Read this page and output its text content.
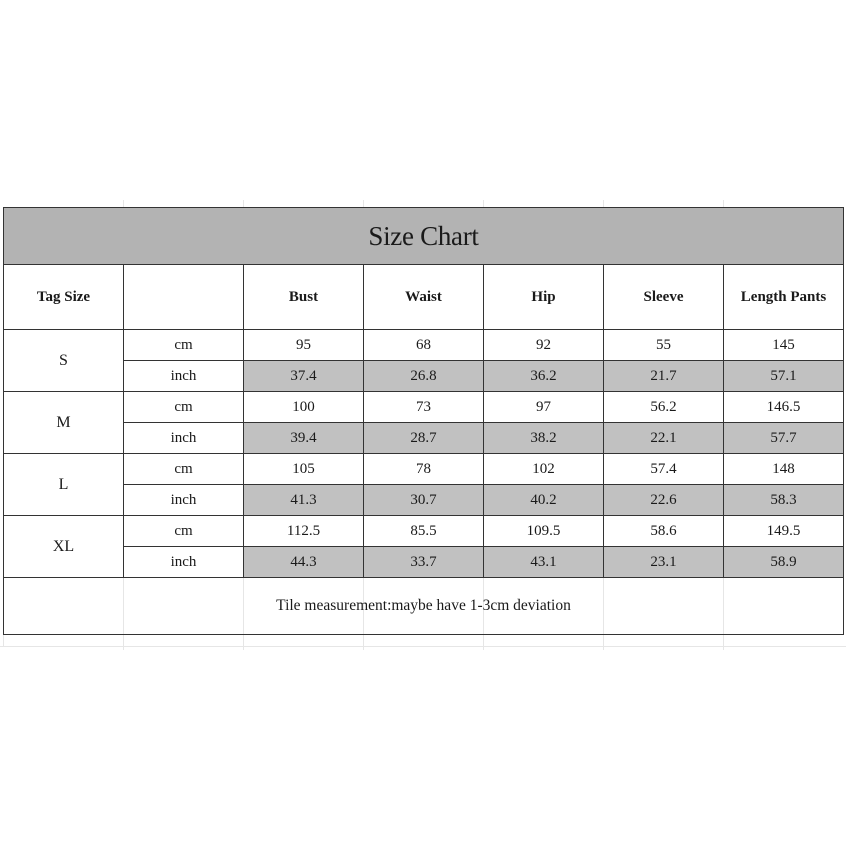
Size Chart						
Tag Size		Bust	Waist	Hip	Sleeve	Length Pants
S	cm	95	68	92	55	145
	inch	37.4	26.8	36.2	21.7	57.1
M	cm	100	73	97	56.2	146.5
	inch	39.4	28.7	38.2	22.1	57.7
L	cm	105	78	102	57.4	148
	inch	41.3	30.7	40.2	22.6	58.3
XL	cm	112.5	85.5	109.5	58.6	149.5
	inch	44.3	33.7	43.1	23.1	58.9
Tile measurement:maybe have 1-3cm deviation						
